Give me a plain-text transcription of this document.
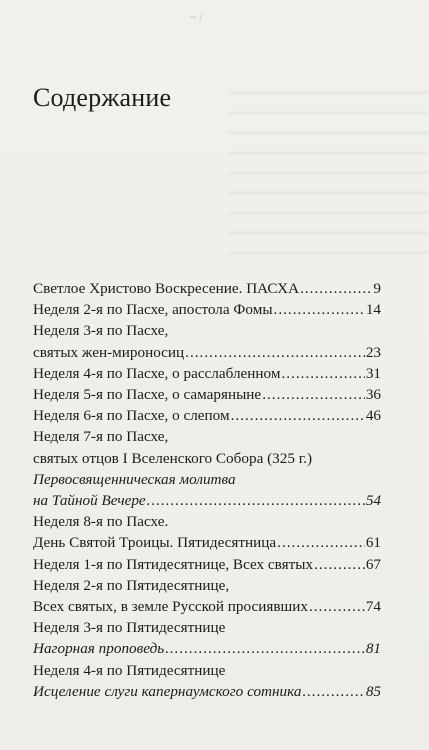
~/
Содержание
Светлое Христово Воскресение. ПАСХА . . .	9
Неделя 2-я по Пасхе, апостола Фомы . . .	14
Неделя 3-я по Пасхе,
святых жен-мироносиц . . .	23
Неделя 4-я по Пасхе, о расслабленном . . .	31
Неделя 5-я по Пасхе, о самаряныне . . .	36
Неделя 6-я по Пасхе, о слепом . . .	46
Неделя 7-я по Пасхе,
святых отцов I Вселенского Собора (325 г.)
Первосвященническая молитва
на Тайной Вечере . . .	54
Неделя 8-я по Пасхе.
День Святой Троицы. Пятидесятница . . .	61
Неделя 1-я по Пятидесятнице, Всех святых . . .	67
Неделя 2-я по Пятидесятнице,
Всех святых, в земле Русской просиявших . . .	74
Неделя 3-я по Пятидесятнице
Нагорная проповедь . . .	81
Неделя 4-я по Пятидесятнице
Исцеление слуги капернаумского сотника . . .	85
